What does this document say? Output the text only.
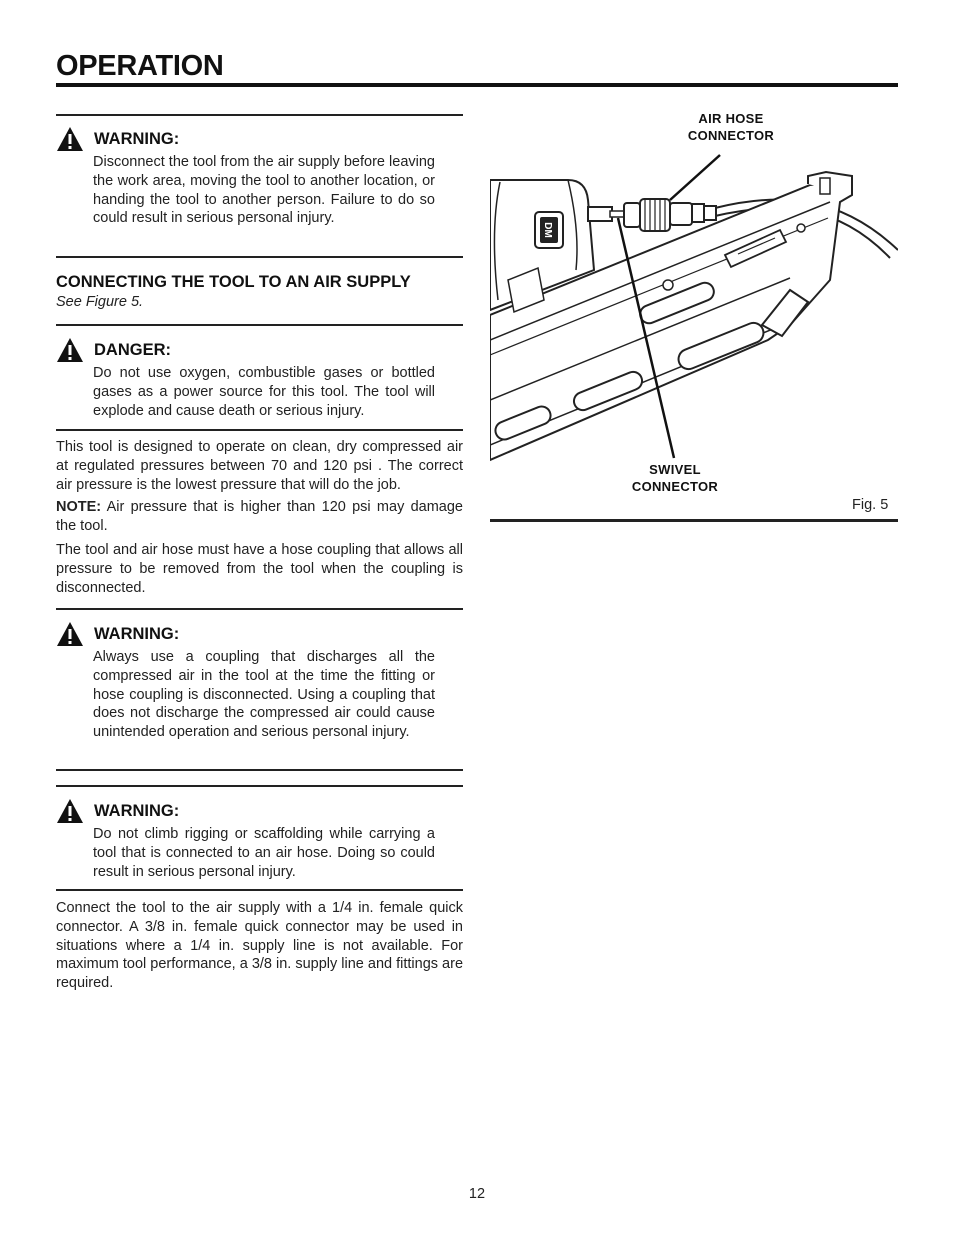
OPERATION
WARNING:
Disconnect the tool from the air supply before leaving the work area, moving the tool to another location, or handing the tool to another person. Failure to do so could result in serious personal injury.
CONNECTING THE TOOL TO AN AIR SUPPLY
See Figure 5.
DANGER:
Do not use oxygen, combustible gases or bottled gases as a power source for this tool. The tool will explode and cause death or serious injury.
This tool is designed to operate on clean, dry compressed air at regulated pressures between 70 and 120 psi . The correct air pressure is the lowest pressure that will do the job.
NOTE: Air pressure that is higher than 120 psi may damage the tool.
The tool and air hose must have a hose coupling that allows all pressure to be removed from the tool when the coupling is disconnected.
WARNING:
Always use a coupling that discharges all the compressed air in the tool at the time the fitting or hose coupling is disconnected. Using a coupling that does not discharge the compressed air could cause unintended operation and serious personal injury.
WARNING:
Do not climb rigging or scaffolding while carrying a tool that is connected to an air hose. Doing so could result in serious personal injury.
Connect the tool to the air supply with a 1/4 in. female quick connector. A 3/8 in. female quick connector may be used in situations where a 1/4 in. supply line is not available. For maximum tool performance, a 3/8 in. supply line and fittings are required.
DM
AIR HOSE
CONNECTOR
SWIVEL
CONNECTOR
Fig. 5
12
